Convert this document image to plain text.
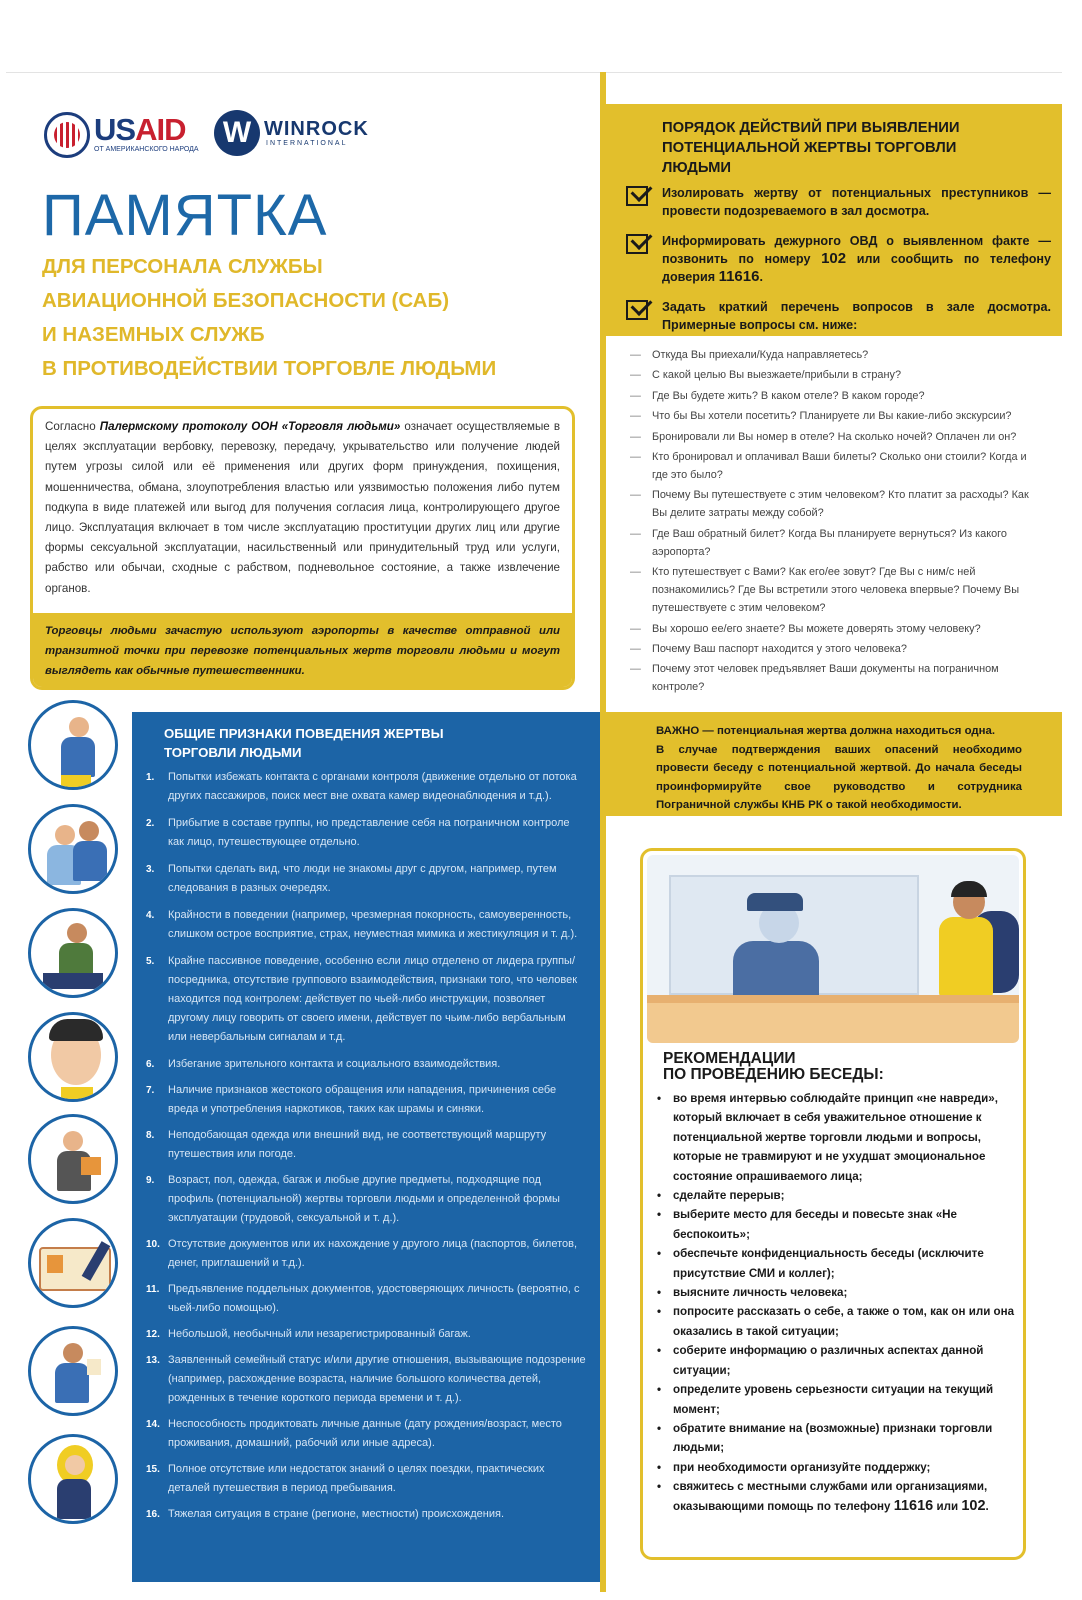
USAID
ОТ АМЕРИКАНСКОГО НАРОДА
W WINROCK
INTERNATIONAL
ПАМЯТКА
ДЛЯ ПЕРСОНАЛА СЛУЖБЫ
АВИАЦИОННОЙ БЕЗОПАСНОСТИ (САБ)
И НАЗЕМНЫХ СЛУЖБ
В ПРОТИВОДЕЙСТВИИ ТОРГОВЛЕ ЛЮДЬМИ

Согласно Палермскому протоколу ООН «Торговля людьми» означает осуществляемые в целях эксплуатации вербовку, перевозку, передачу, укрывательство или получение людей путем угрозы силой или её применения или других форм принуждения, похищения, мошенничества, обмана, злоупотребления властью или уязвимостью положения либо путем подкупа в виде платежей или выгод для получения согласия лица, контролирующего другое лицо. Эксплуатация включает в том числе эксплуатацию проституции других лиц или другие формы сексуальной эксплуатации, насильственный или принудительный труд или услуги, рабство или обычаи, сходные с рабством, подневольное состояние, а также извлечение органов.

Торговцы людьми зачастую используют аэропорты в качестве отправной или транзитной точки при перевозке потенциальных жертв торговли людьми и могут выглядеть как обычные путешественники.
ПОРЯДОК ДЕЙСТВИЙ ПРИ ВЫЯВЛЕНИИ ПОТЕНЦИАЛЬНОЙ ЖЕРТВЫ ТОРГОВЛИ ЛЮДЬМИ
Изолировать жертву от потенциальных преступников — провести подозреваемого в зал досмотра.
Информировать дежурного ОВД о выявленном факте — позвонить по номеру 102 или сообщить по телефону доверия 11616.
Задать краткий перечень вопросов в зале досмотра. Примерные вопросы см. ниже:
— Откуда Вы приехали/Куда направляетесь?
— С какой целью Вы выезжаете/прибыли в страну?
— Где Вы будете жить? В каком отеле? В каком городе?
— Что бы Вы хотели посетить? Планируете ли Вы какие-либо экскурсии?
— Бронировали ли Вы номер в отеле? На сколько ночей? Оплачен ли он?
— Кто бронировал и оплачивал Ваши билеты? Сколько они стоили? Когда и где это было?
— Почему Вы путешествуете с этим человеком? Кто платит за расходы? Как Вы делите затраты между собой?
— Где Ваш обратный билет? Когда Вы планируете вернуться? Из какого аэропорта?
— Кто путешествует с Вами? Как его/ее зовут? Где Вы с ним/с ней познакомились? Где Вы встретили этого человека впервые? Почему Вы путешествуете с этим человеком?
— Вы хорошо ее/его знаете? Вы можете доверять этому человеку?
— Почему Ваш паспорт находится у этого человека?
— Почему этот человек предъявляет Ваши документы на пограничном контроле?

ВАЖНО — потенциальная жертва должна находиться одна.

В случае подтверждения ваших опасений необходимо провести беседу с потенциальной жертвой. До начала беседы проинформируйте свое руководство и сотрудника Пограничной службы КНБ РК о такой необходимости.

ОБЩИЕ ПРИЗНАКИ ПОВЕДЕНИЯ ЖЕРТВЫ
ТОРГОВЛИ ЛЮДЬМИ
1. Попытки избежать контакта с органами контроля (движение отдельно от потока других пассажиров, поиск мест вне охвата камер видеонаблюдения и т.д.).
2. Прибытие в составе группы, но представление себя на пограничном контроле как лицо, путешествующее отдельно.
3. Попытки сделать вид, что люди не знакомы друг с другом, например, путем следования в разных очередях.
4. Крайности в поведении (например, чрезмерная покорность, самоуверенность, слишком острое восприятие, страх, неуместная мимика и жестикуляция и т. д.).
5. Крайне пассивное поведение, особенно если лицо отделено от лидера группы/посредника, отсутствие группового взаимодействия, признаки того, что человек находится под контролем: действует по чьей-либо инструкции, позволяет другому лицу говорить от своего имени, действует по чьим-либо вербальным или невербальным сигналам и т.д.
6. Избегание зрительного контакта и социального взаимодействия.
7. Наличие признаков жестокого обращения или нападения, причинения себе вреда и употребления наркотиков, таких как шрамы и синяки.
8. Неподобающая одежда или внешний вид, не соответствующий маршруту путешествия или погоде.
9. Возраст, пол, одежда, багаж и любые другие предметы, подходящие под профиль (потенциальной) жертвы торговли людьми и определенной формы эксплуатации (трудовой, сексуальной и т. д.).
10. Отсутствие документов или их нахождение у другого лица (паспортов, билетов, денег, приглашений и т.д.).
11. Предъявление поддельных документов, удостоверяющих личность (вероятно, с чьей-либо помощью).
12. Небольшой, необычный или незарегистрированный багаж.
13. Заявленный семейный статус и/или другие отношения, вызывающие подозрение (например, расхождение возраста, наличие большого количества детей, рожденных в течение короткого периода времени и т. д.).
14. Неспособность продиктовать личные данные (дату рождения/возраст, место проживания, домашний, рабочий или иные адреса).
15. Полное отсутствие или недостаток знаний о целях поездки, практических деталей путешествия в период пребывания.
16. Тяжелая ситуация в стране (регионе, местности) происхождения.
РЕКОМЕНДАЦИИ
ПО ПРОВЕДЕНИЮ БЕСЕДЫ:
• во время интервью соблюдайте принцип «не навреди», который включает в себя уважительное отношение к потенциальной жертве торговли людьми и вопросы, которые не травмируют и не ухудшат эмоциональное состояние опрашиваемого лица;
• сделайте перерыв;
• выберите место для беседы и повесьте знак «Не беспокоить»;
• обеспечьте конфиденциальность беседы (исключите присутствие СМИ и коллег);
• выясните личность человека;
• попросите рассказать о себе, а также о том, как он или она оказались в такой ситуации;
• соберите информацию о различных аспектах данной ситуации;
• определите уровень серьезности ситуации на текущий момент;
• обратите внимание на (возможные) признаки торговли людьми;
• при необходимости организуйте поддержку;
• свяжитесь с местными службами или организациями, оказывающими помощь по телефону 11616 или 102.
